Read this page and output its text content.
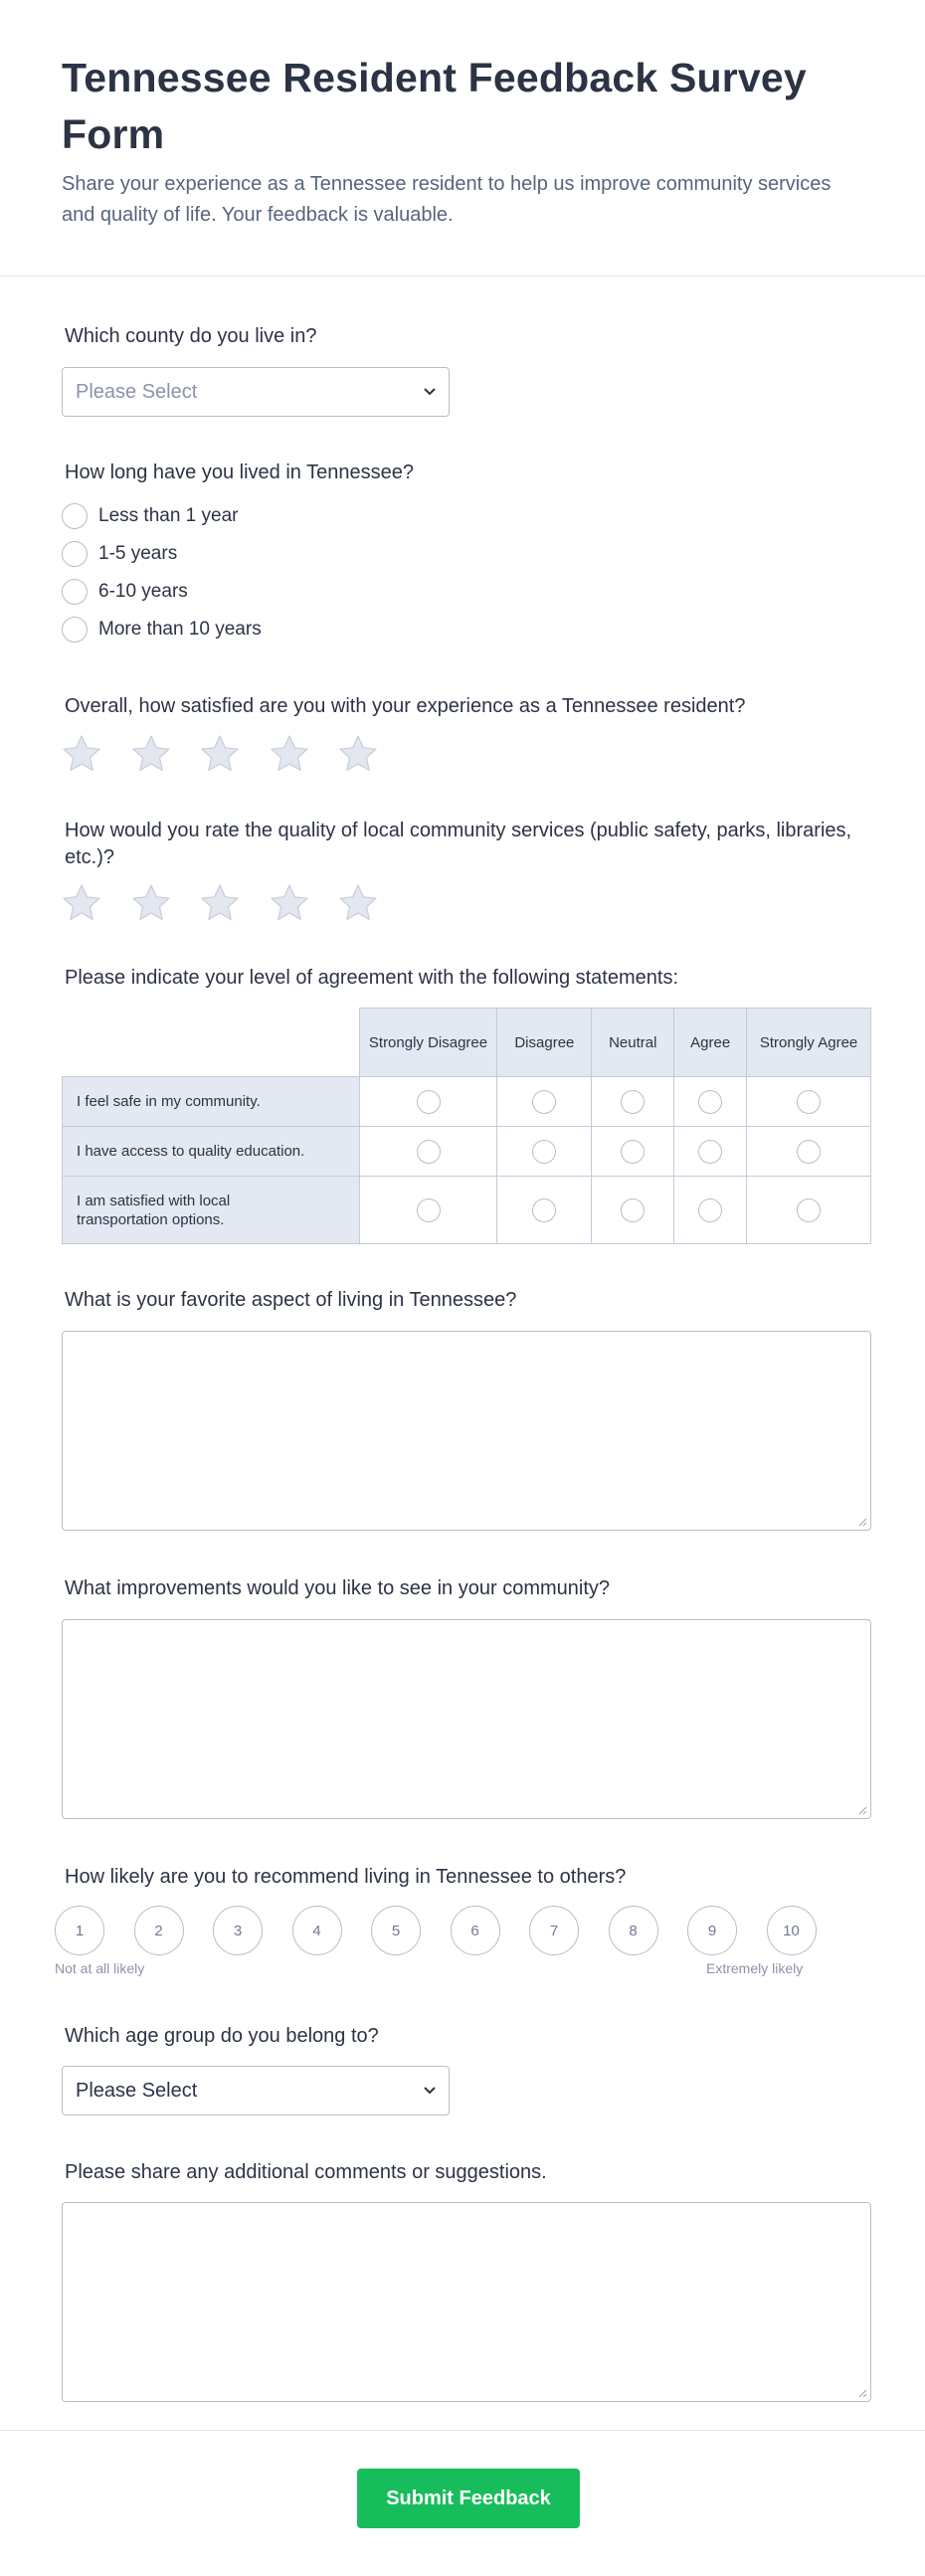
Tennessee Resident Feedback Survey Form

Share your experience as a Tennessee resident to help us improve community services and quality of life. Your feedback is valuable.

Which county do you live in?
Please Select
How long have you lived in Tennessee?
Less than 1 year
1-5 years
6-10 years
More than 10 years
Overall, how satisfied are you with your experience as a Tennessee resident?
How would you rate the quality of local community services (public safety, parks, libraries, etc.)?
Please indicate your level of agreement with the following statements:
	Strongly Disagree	Disagree	Neutral	Agree	Strongly Agree
I feel safe in my community.					
I have access to quality education.					
I am satisfied with local transportation options.					
What is your favorite aspect of living in Tennessee?
What improvements would you like to see in your community?
How likely are you to recommend living in Tennessee to others?
1	2	3	4	5	6	7	8	9	10
Not at all likely	Extremely likely
Which age group do you belong to?
Please Select
Please share any additional comments or suggestions.
Submit Feedback
